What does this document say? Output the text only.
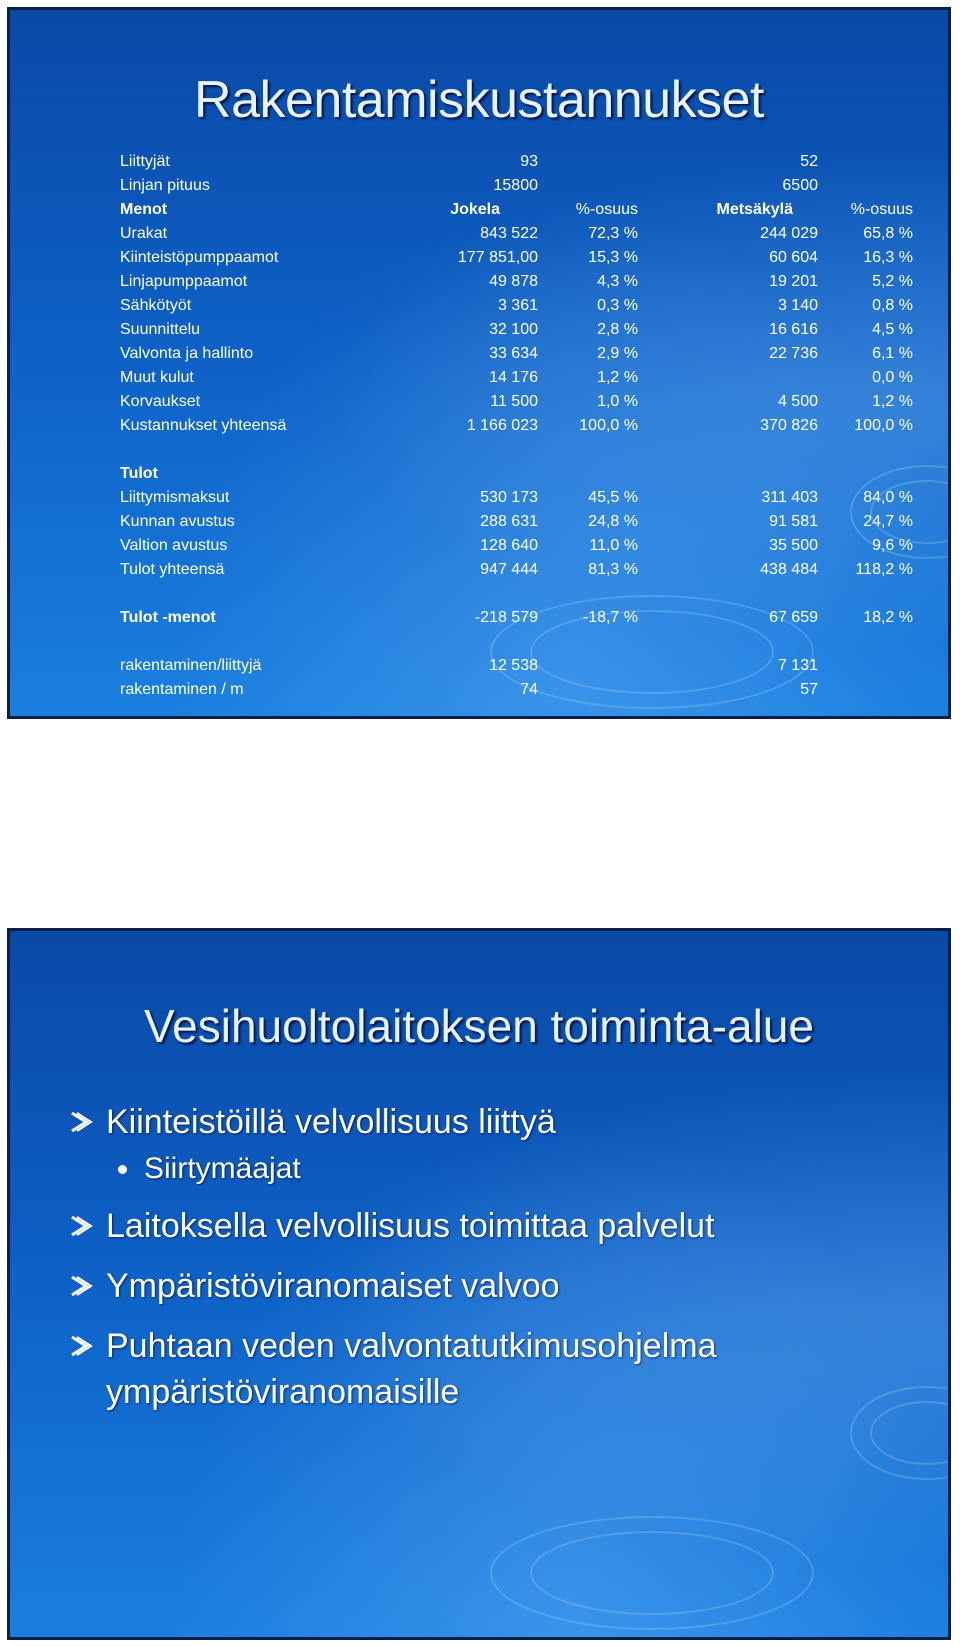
Rakentamiskustannukset
Liittyjät	93		52	
Linjan pituus	15800		6500	
Menot	Jokela	%-osuus	Metsäkylä	%-osuus
Urakat	843 522	72,3 %	244 029	65,8 %
Kiinteistöpumppaamot	177 851,00	15,3 %	60 604	16,3 %
Linjapumppaamot	49 878	4,3 %	19 201	5,2 %
Sähkötyöt	3 361	0,3 %	3 140	0,8 %
Suunnittelu	32 100	2,8 %	16 616	4,5 %
Valvonta ja hallinto	33 634	2,9 %	22 736	6,1 %
Muut kulut	14 176	1,2 %		0,0 %
Korvaukset	11 500	1,0 %	4 500	1,2 %
Kustannukset yhteensä	1 166 023	100,0 %	370 826	100,0 %

Tulot				
Liittymismaksut	530 173	45,5 %	311 403	84,0 %
Kunnan avustus	288 631	24,8 %	91 581	24,7 %
Valtion avustus	128 640	11,0 %	35 500	9,6 %
Tulot yhteensä	947 444	81,3 %	438 484	118,2 %

Tulot -menot	-218 579	-18,7 %	67 659	18,2 %

rakentaminen/liittyjä	12 538		7 131	
rakentaminen / m	74		57	
Vesihuoltolaitoksen toiminta-alue
Kiinteistöillä velvollisuus liittyä
Siirtymäajat
Laitoksella velvollisuus toimittaa palvelut
Ympäristöviranomaiset valvoo
Puhtaan veden valvontatutkimusohjelma
ympäristöviranomaisille
